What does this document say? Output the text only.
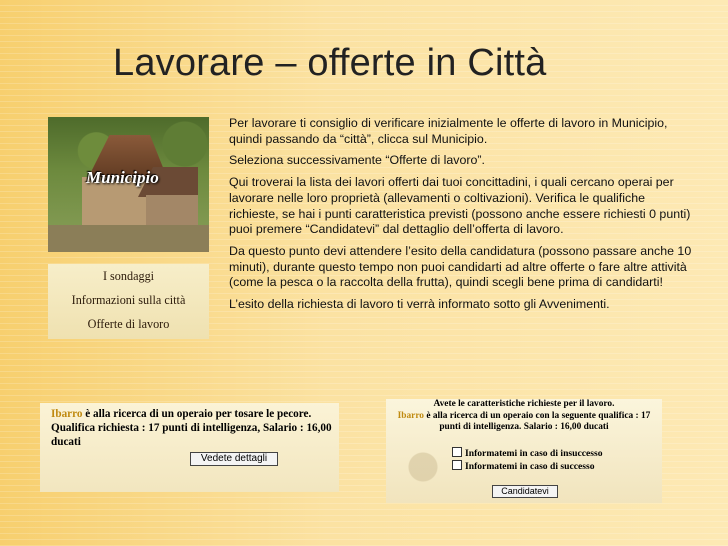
Lavorare – offerte in Città
Municipio
I sondaggi
Informazioni sulla città
Offerte di lavoro

Per lavorare ti consiglio di verificare inizialmente le offerte di lavoro in Municipio, quindi passando da “città”, clicca sul Municipio.

Seleziona successivamente “Offerte di lavoro”.

Qui troverai la lista dei lavori offerti dai tuoi concittadini, i quali cercano operai per lavorare nelle loro proprietà (allevamenti o coltivazioni). Verifica le qualifiche richieste, se hai i punti caratteristica previsti (possono anche essere richiesti 0 punti) puoi premere “Candidatevi” dal dettaglio dell’offerta di lavoro.

Da questo punto devi attendere l’esito della candidatura (possono passare anche 10 minuti), durante questo tempo non puoi candidarti ad altre offerte o fare altre attività (come la pesca o la raccolta della frutta), quindi scegli bene prima di candidarti!

L’esito della richiesta di lavoro ti verrà informato sotto gli Avvenimenti.

Ibarro è alla ricerca di un operaio per tosare le pecore.
Qualifica richiesta : 17 punti di intelligenza, Salario : 16,00 ducati
Vedete dettagli
Avete le caratteristiche richieste per il lavoro.
Ibarro è alla ricerca di un operaio con la seguente qualifica : 17 punti di intelligenza. Salario : 16,00 ducati
Informatemi in caso di insuccesso
Informatemi in caso di successo
Candidatevi
